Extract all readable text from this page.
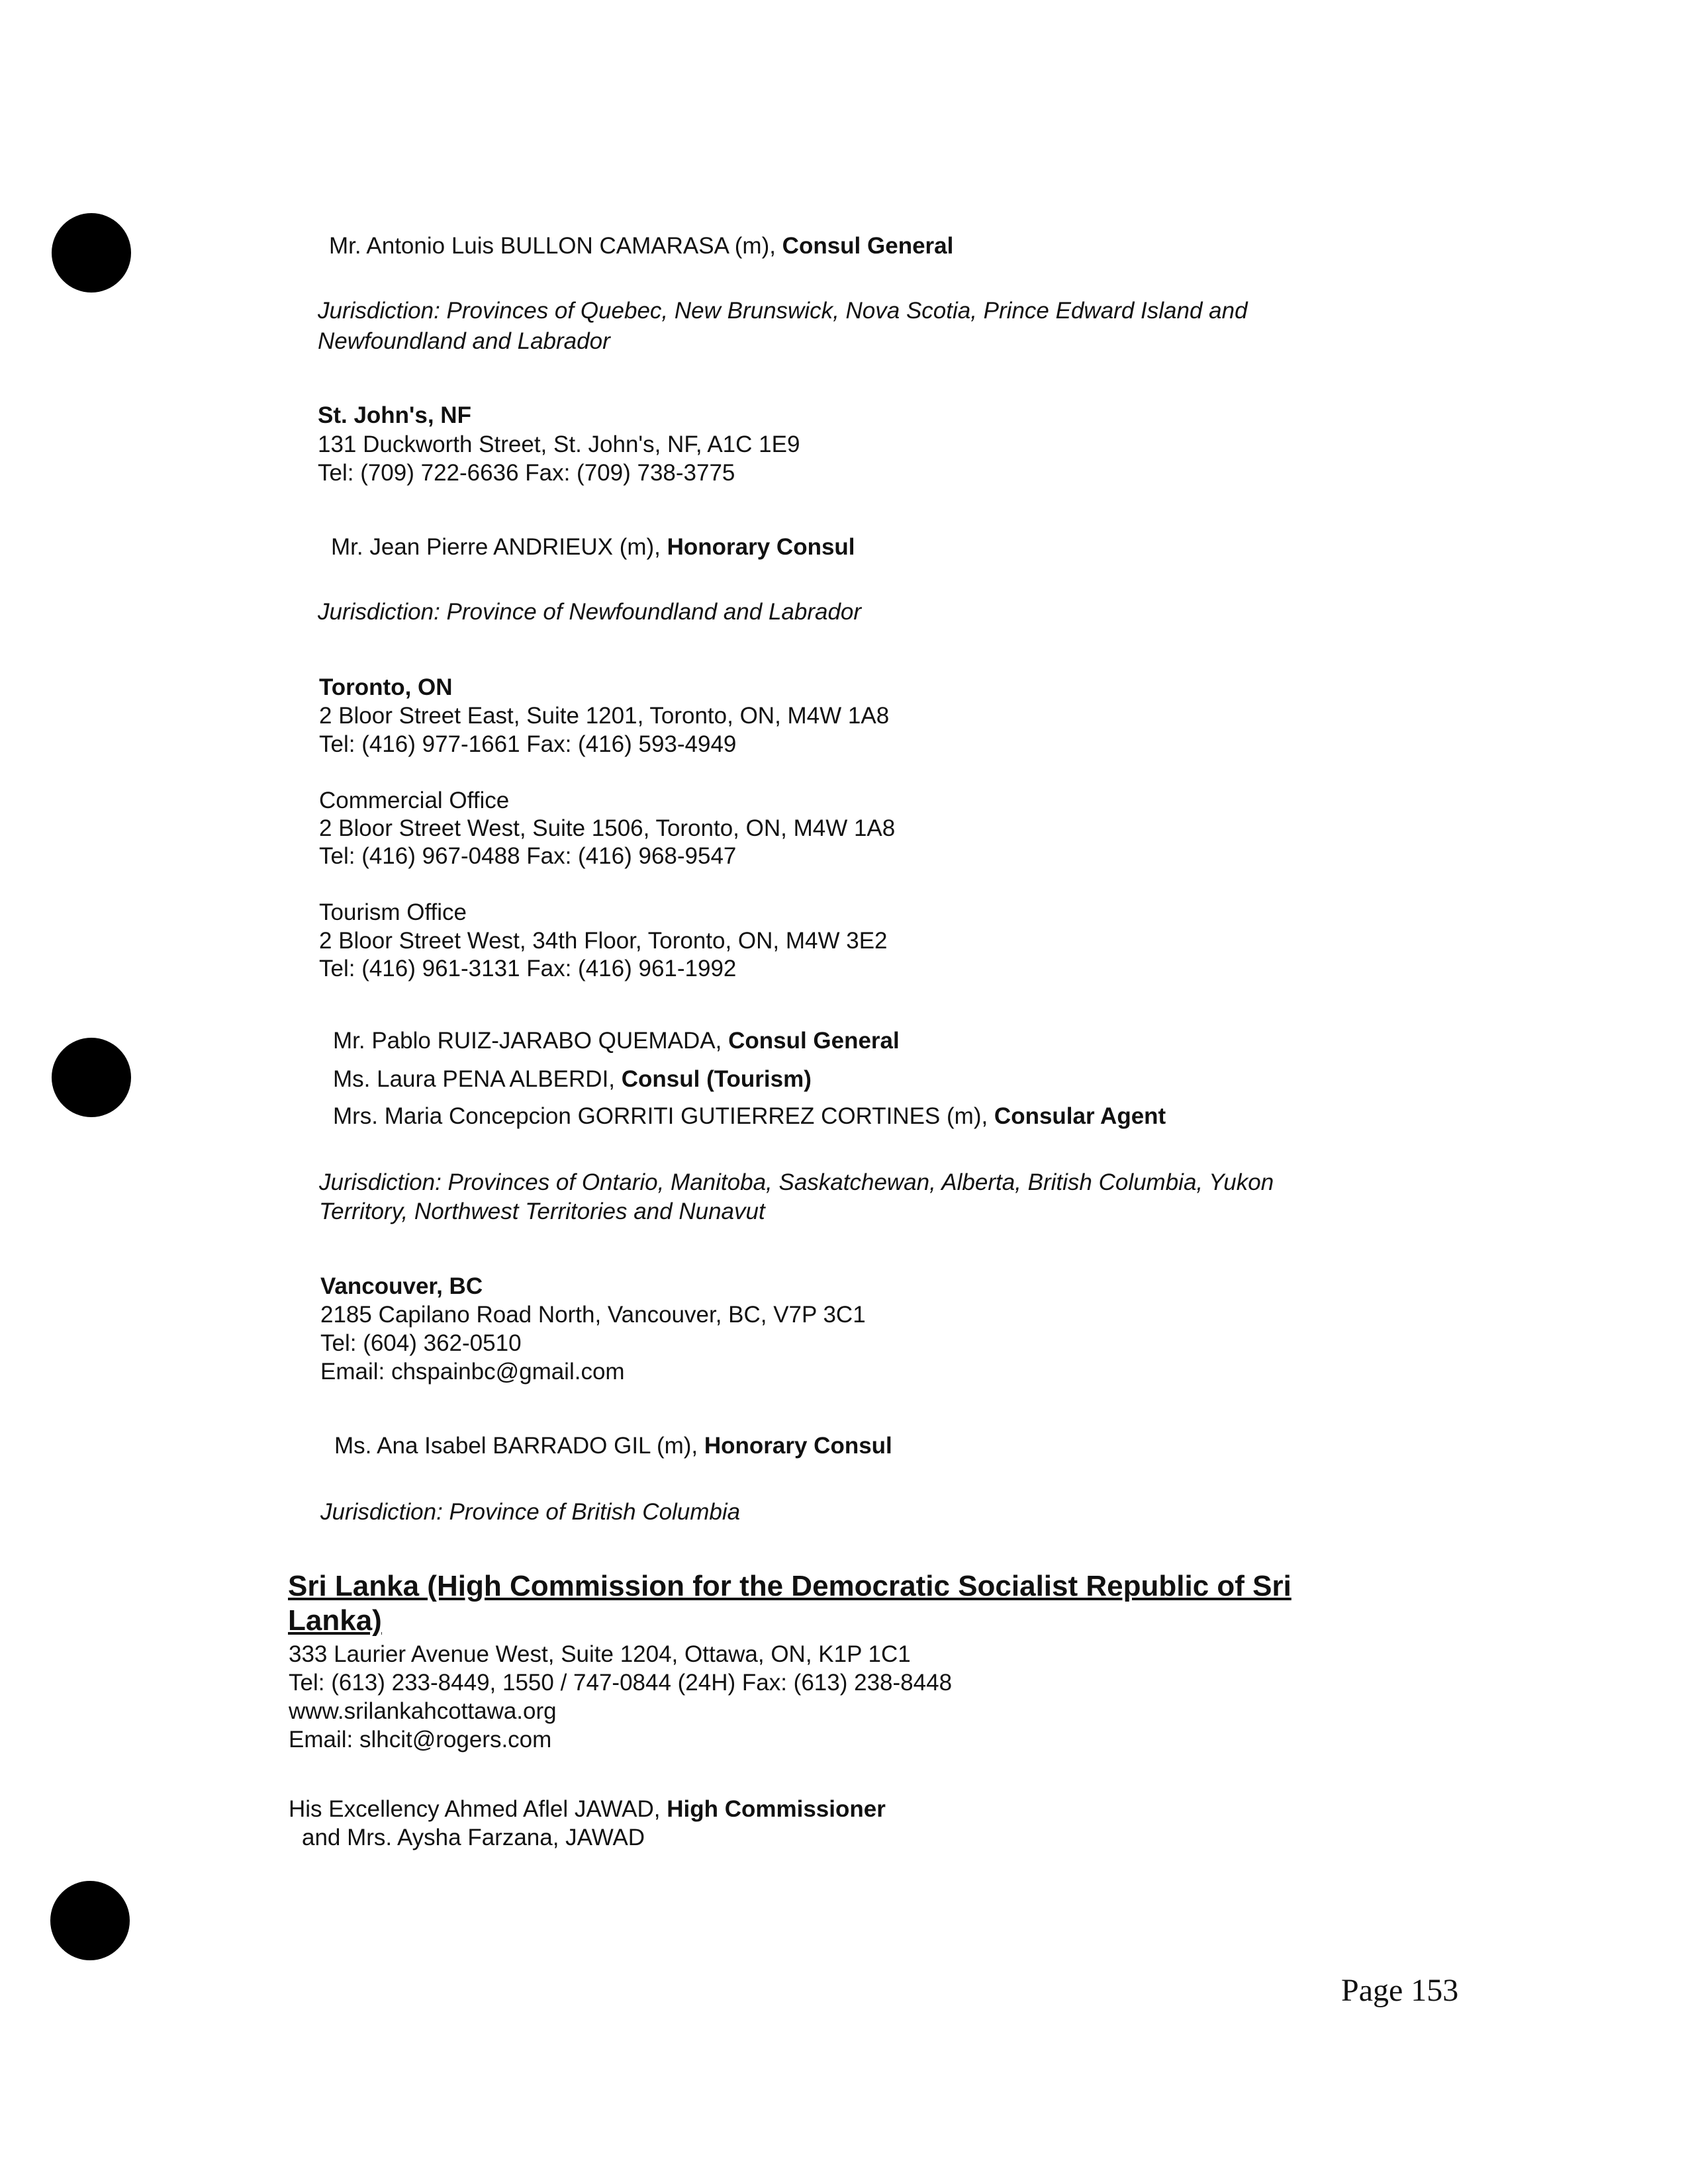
Mr. Antonio Luis BULLON CAMARASA (m), Consul General
Jurisdiction: Provinces of Quebec, New Brunswick, Nova Scotia, Prince Edward Island and
Newfoundland and Labrador
St. John's, NF
131 Duckworth Street, St. John's, NF, A1C 1E9
Tel: (709) 722-6636 Fax: (709) 738-3775
Mr. Jean Pierre ANDRIEUX (m), Honorary Consul
Jurisdiction: Province of Newfoundland and Labrador
Toronto, ON
2 Bloor Street East, Suite 1201, Toronto, ON, M4W 1A8
Tel: (416) 977-1661 Fax: (416) 593-4949
Commercial Office
2 Bloor Street West, Suite 1506, Toronto, ON, M4W 1A8
Tel: (416) 967-0488 Fax: (416) 968-9547
Tourism Office
2 Bloor Street West, 34th Floor, Toronto, ON, M4W 3E2
Tel: (416) 961-3131 Fax: (416) 961-1992
Mr. Pablo RUIZ-JARABO QUEMADA, Consul General
Ms. Laura PENA ALBERDI, Consul (Tourism)
Mrs. Maria Concepcion GORRITI GUTIERREZ CORTINES (m), Consular Agent
Jurisdiction: Provinces of Ontario, Manitoba, Saskatchewan, Alberta, British Columbia, Yukon
Territory, Northwest Territories and Nunavut
Vancouver, BC
2185 Capilano Road North, Vancouver, BC, V7P 3C1
Tel: (604) 362-0510
Email: chspainbc@gmail.com
Ms. Ana Isabel BARRADO GIL (m), Honorary Consul
Jurisdiction: Province of British Columbia
Sri Lanka (High Commission for the Democratic Socialist Republic of Sri
Lanka)
333 Laurier Avenue West, Suite 1204, Ottawa, ON, K1P 1C1
Tel: (613) 233-8449, 1550 / 747-0844 (24H) Fax: (613) 238-8448
www.srilankahcottawa.org
Email: slhcit@rogers.com
His Excellency Ahmed Aflel JAWAD, High Commissioner
and Mrs. Aysha Farzana, JAWAD
Page 153
